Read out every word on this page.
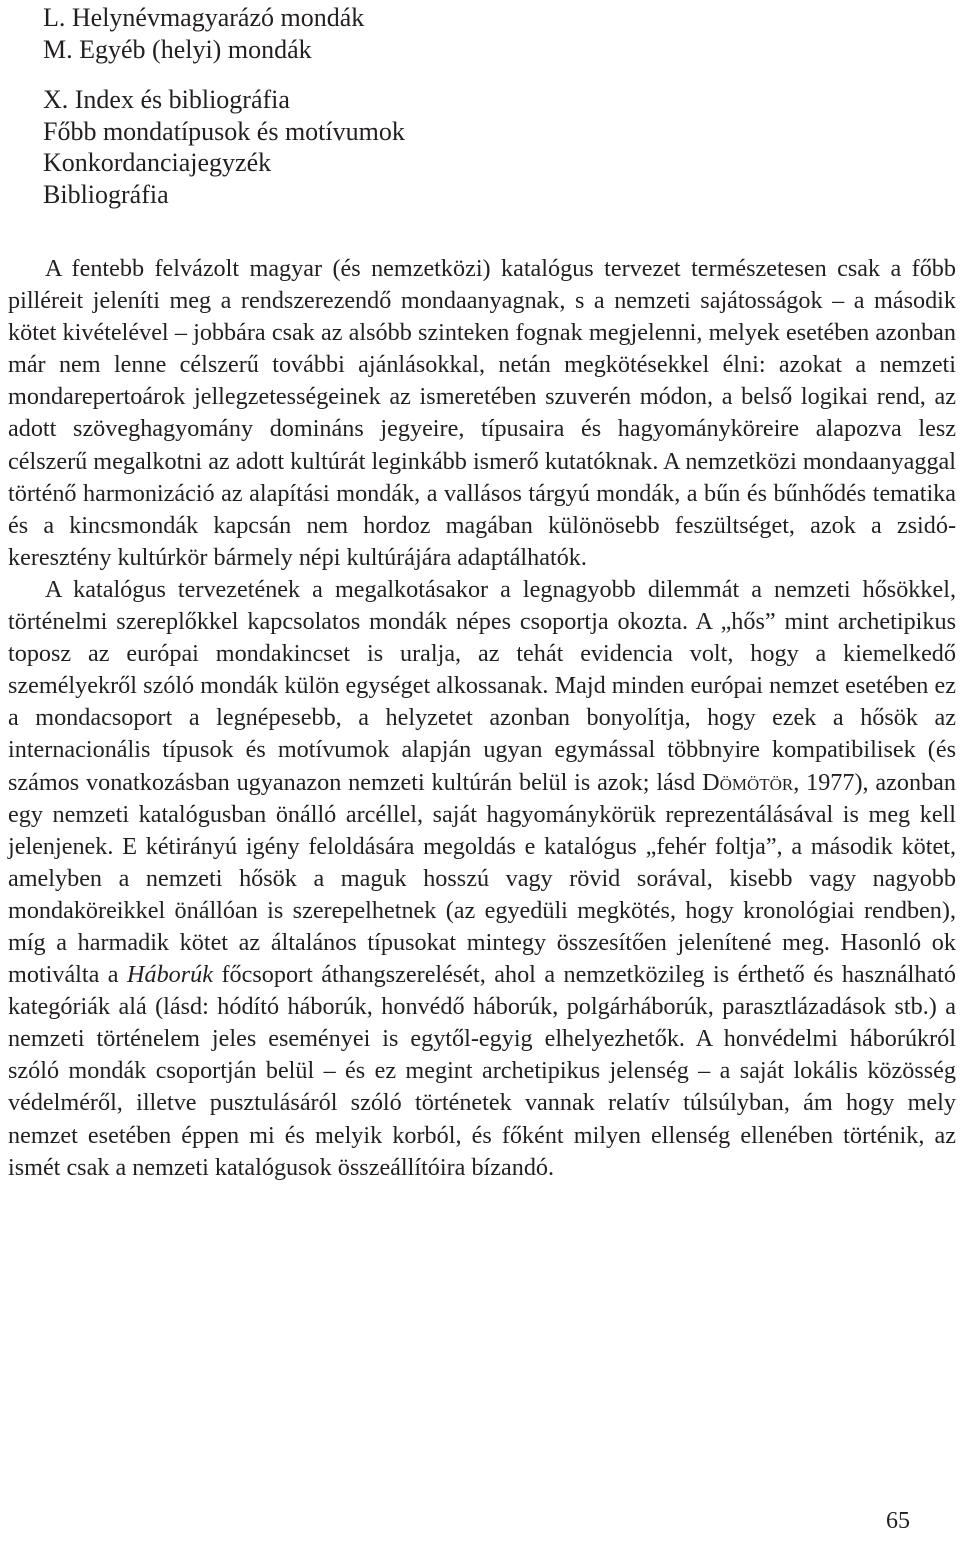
L. Helynévmagyarázó mondák
M. Egyéb (helyi) mondák
X. Index és bibliográfia
Főbb mondatípusok és motívumok
Konkordanciajegyzék
Bibliográfia

A fentebb felvázolt magyar (és nemzetközi) katalógus tervezet természetesen csak a főbb pilléreit jeleníti meg a rendszerezendő mondaanyagnak, s a nemzeti sajátosságok – a második kötet kivételével – jobbára csak az alsóbb szinteken fognak megjelenni, melyek esetében azonban már nem lenne célszerű további ajánlásokkal, netán megkötésekkel élni: azokat a nemzeti mondarepertoárok jellegzetességeinek az ismeretében szuverén módon, a belső logikai rend, az adott szöveghagyomány domináns jegyeire, típusaira és hagyományköreire alapozva lesz célszerű megalkotni az adott kultúrát leginkább ismerő kutatóknak. A nemzetközi mondaanyaggal történő harmonizáció az alapítási mondák, a vallásos tárgyú mondák, a bűn és bűnhődés tematika és a kincsmondák kapcsán nem hordoz magában különösebb feszültséget, azok a zsidó-keresztény kultúrkör bármely népi kultúrájára adaptálhatók.

A katalógus tervezetének a megalkotásakor a legnagyobb dilemmát a nemzeti hősökkel, történelmi szereplőkkel kapcsolatos mondák népes csoportja okozta. A „hős” mint archetipikus toposz az európai mondakincset is uralja, az tehát evidencia volt, hogy a kiemelkedő személyekről szóló mondák külön egységet alkossanak. Majd minden európai nemzet esetében ez a mondacsoport a legnépesebb, a helyzetet azonban bonyolítja, hogy ezek a hősök az internacionális típusok és motívumok alapján ugyan egymással többnyire kompatibilisek (és számos vonatkozásban ugyanazon nemzeti kultúrán belül is azok; lásd Dömötör, 1977), azonban egy nemzeti katalógusban önálló arcéllel, saját hagyománykörük reprezentálásával is meg kell jelenjenek. E kétirányú igény feloldására megoldás e katalógus „fehér foltja”, a második kötet, amelyben a nemzeti hősök a maguk hosszú vagy rövid sorával, kisebb vagy nagyobb mondaköreikkel önállóan is szerepelhetnek (az egyedüli megkötés, hogy kronológiai rendben), míg a harmadik kötet az általános típusokat mintegy összesítően jelenítené meg. Hasonló ok motiválta a Háborúk főcsoport áthangszerelését, ahol a nemzetközileg is érthető és használható kategóriák alá (lásd: hódító háborúk, honvédő háborúk, polgárháborúk, parasztlázadások stb.) a nemzeti történelem jeles eseményei is egytől-egyig elhelyezhetők. A honvédelmi háborúkról szóló mondák csoportján belül – és ez megint archetipikus jelenség – a saját lokális közösség védelméről, illetve pusztulásáról szóló történetek vannak relatív túlsúlyban, ám hogy mely nemzet esetében éppen mi és melyik korból, és főként milyen ellenség ellenében történik, az ismét csak a nemzeti katalógusok összeállítóira bízandó.

65
